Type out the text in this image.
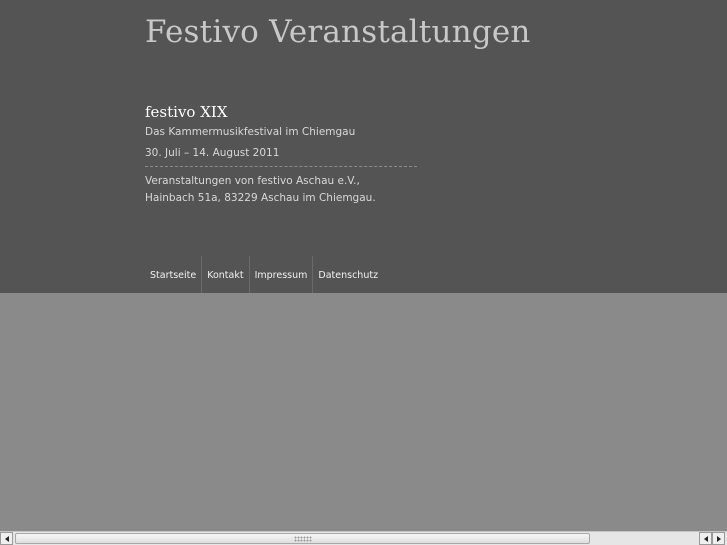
Festivo Veranstaltungen
festivo XIX
Das Kammermusikfestival im Chiemgau
30. Juli – 14. August 2011
Veranstaltungen von festivo Aschau e.V.,
Hainbach 51a, 83229 Aschau im Chiemgau.
Startseite	Kontakt	Impressum	Datenschutz
